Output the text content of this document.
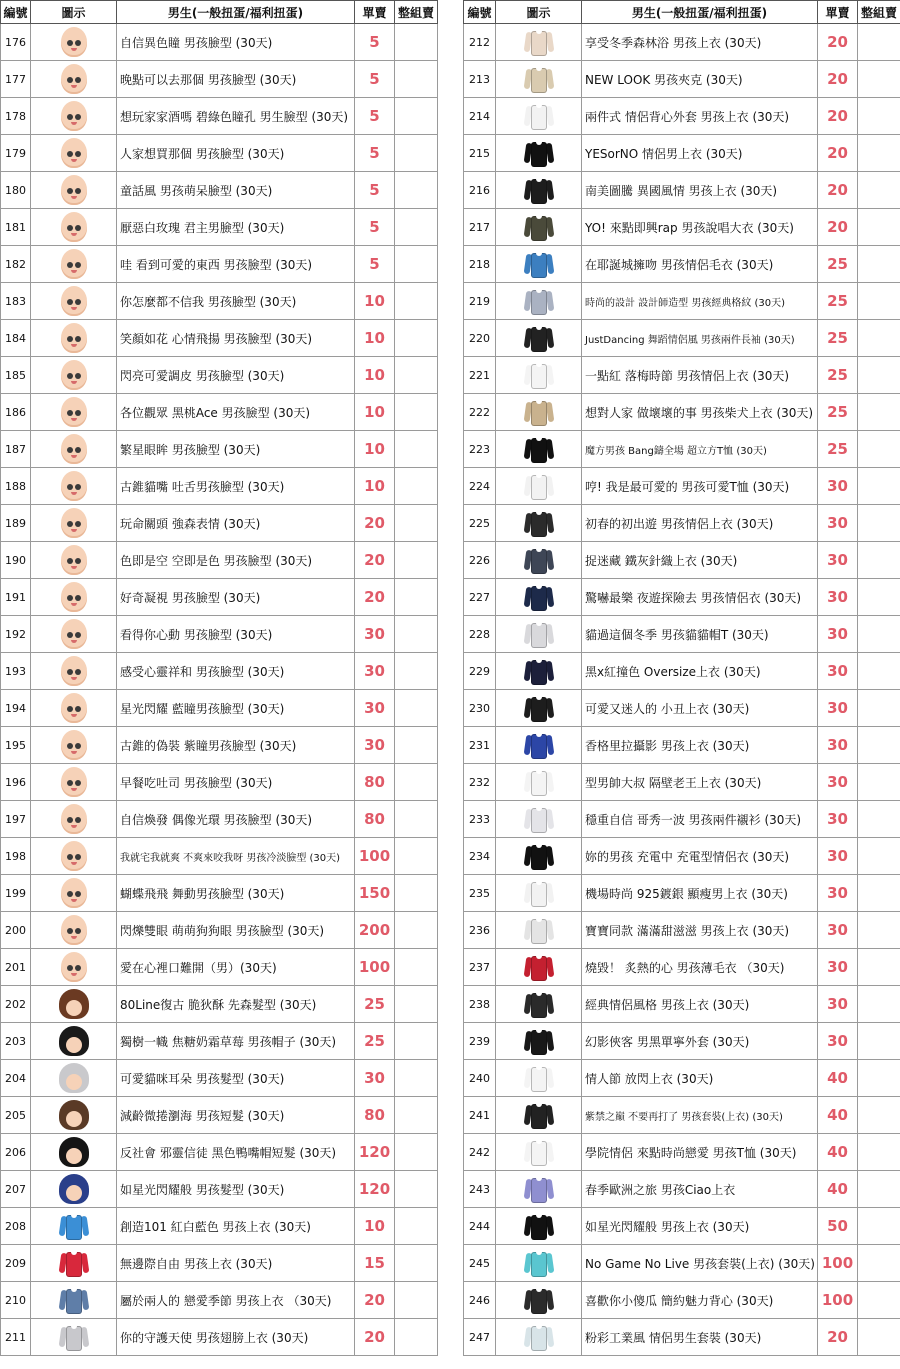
編號	圖示	男生(一般扭蛋/福利扭蛋)	單賣	整組賣
176		自信異色瞳 男孩臉型 (30天)	5	
177		晚點可以去那個 男孩臉型 (30天)	5	
178		想玩家家酒嗎 碧綠色瞳孔 男生臉型 (30天)	5	
179		人家想買那個 男孩臉型 (30天)	5	
180		童話風 男孩萌呆臉型 (30天)	5	
181		厭惡白玫瑰 君主男臉型 (30天)	5	
182		哇 看到可愛的東西 男孩臉型 (30天)	5	
183		你怎麼都不信我 男孩臉型 (30天)	10	
184		笑顏如花 心情飛揚 男孩臉型 (30天)	10	
185		閃亮可愛調皮 男孩臉型 (30天)	10	
186		各位觀眾 黑桃Ace 男孩臉型 (30天)	10	
187		繁星眼眸 男孩臉型 (30天)	10	
188		古錐貓嘴 吐舌男孩臉型 (30天)	10	
189		玩命關頭 強森表情 (30天)	20	
190		色即是空 空即是色 男孩臉型 (30天)	20	
191		好奇凝視 男孩臉型 (30天)	20	
192		看得你心動 男孩臉型 (30天)	30	
193		感受心靈祥和 男孩臉型 (30天)	30	
194		星光閃耀 藍瞳男孩臉型 (30天)	30	
195		古錐的偽裝 紫瞳男孩臉型 (30天)	30	
196		早餐吃吐司 男孩臉型 (30天)	80	
197		自信煥發 偶像光環 男孩臉型 (30天)	80	
198		我就宅我就爽 不爽來咬我呀 男孩冷淡臉型 (30天)	100	
199		蝴蝶飛飛 舞動男孩臉型 (30天)	150	
200		閃爍雙眼 萌萌狗狗眼 男孩臉型 (30天)	200	
201		愛在心裡口難開（男）(30天)	100	
202		80Line復古 脆狄酥 先森髮型 (30天)	25	
203		獨樹一幟 焦糖奶霜草莓 男孩帽子 (30天)	25	
204		可愛貓咪耳朵 男孩髮型 (30天)	30	
205		減齡微捲瀏海 男孩短髮 (30天)	80	
206		反社會 邪靈信徒 黑色鴨嘴帽短髮 (30天)	120	
207		如星光閃耀般 男孩髮型 (30天)	120	
208		創造101 紅白藍色 男孩上衣 (30天)	10	
209		無邊際自由 男孩上衣 (30天)	15	
210		屬於兩人的 戀愛季節 男孩上衣 （30天)	20	
211		你的守護天使 男孩翅膀上衣 (30天)	20	
編號	圖示	男生(一般扭蛋/福利扭蛋)	單賣	整組賣
212		享受冬季森林浴 男孩上衣 (30天)	20	
213		NEW LOOK 男孩夾克 (30天)	20	
214		兩件式 情侶背心外套 男孩上衣 (30天)	20	
215		YESorNO 情侶男上衣 (30天)	20	
216		南美圖騰 異國風情 男孩上衣 (30天)	20	
217		YO! 來點即興rap 男孩說唱大衣 (30天)	20	
218		在耶誕城擁吻 男孩情侶毛衣 (30天)	25	
219		時尚的設計 設計師造型 男孩經典格紋 (30天)	25	
220		JustDancing 舞蹈情侶風 男孩兩件長袖 (30天)	25	
221		一點紅 落梅時節 男孩情侶上衣 (30天)	25	
222		想對人家 做壞壞的事 男孩柴犬上衣 (30天)	25	
223		魔方男孩 Bang鑄全場 超立方T恤 (30天)	25	
224		哼! 我是最可愛的 男孩可愛T恤 (30天)	30	
225		初春的初出遊 男孩情侶上衣 (30天)	30	
226		捉迷藏 鐵灰針織上衣 (30天)	30	
227		驚嚇最樂 夜遊探險去 男孩情侶衣 (30天)	30	
228		貓過這個冬季 男孩貓貓帽T (30天)	30	
229		黑x紅撞色 Oversize上衣 (30天)	30	
230		可愛又迷人的 小丑上衣 (30天)	30	
231		香格里拉攝影 男孩上衣 (30天)	30	
232		型男帥大叔 隔壁老王上衣 (30天)	30	
233		穩重自信 哥秀一波 男孩兩件襯衫 (30天)	30	
234		妳的男孩 充電中 充電型情侶衣 (30天)	30	
235		機場時尚 925鍍銀 顯瘦男上衣 (30天)	30	
236		寶寶同款 滿滿甜滋滋 男孩上衣 (30天)	30	
237		燒毀！ 炙熱的心 男孩薄毛衣 （30天)	30	
238		經典情侶風格 男孩上衣 (30天)	30	
239		幻影俠客 男黑單寧外套 (30天)	30	
240		情人節 放閃上衣 (30天)	40	
241		紫禁之巔 不要再打了 男孩套裝(上衣) (30天)	40	
242		學院情侶 來點時尚戀愛 男孩T恤 (30天)	40	
243		春季歐洲之旅 男孩Ciao上衣	40	
244		如星光閃耀般 男孩上衣 (30天)	50	
245		No Game No Live 男孩套裝(上衣) (30天)	100	
246		喜歡你小傻瓜 簡約魅力背心 (30天)	100	
247		粉彩工業風 情侶男生套裝 (30天)	20	
